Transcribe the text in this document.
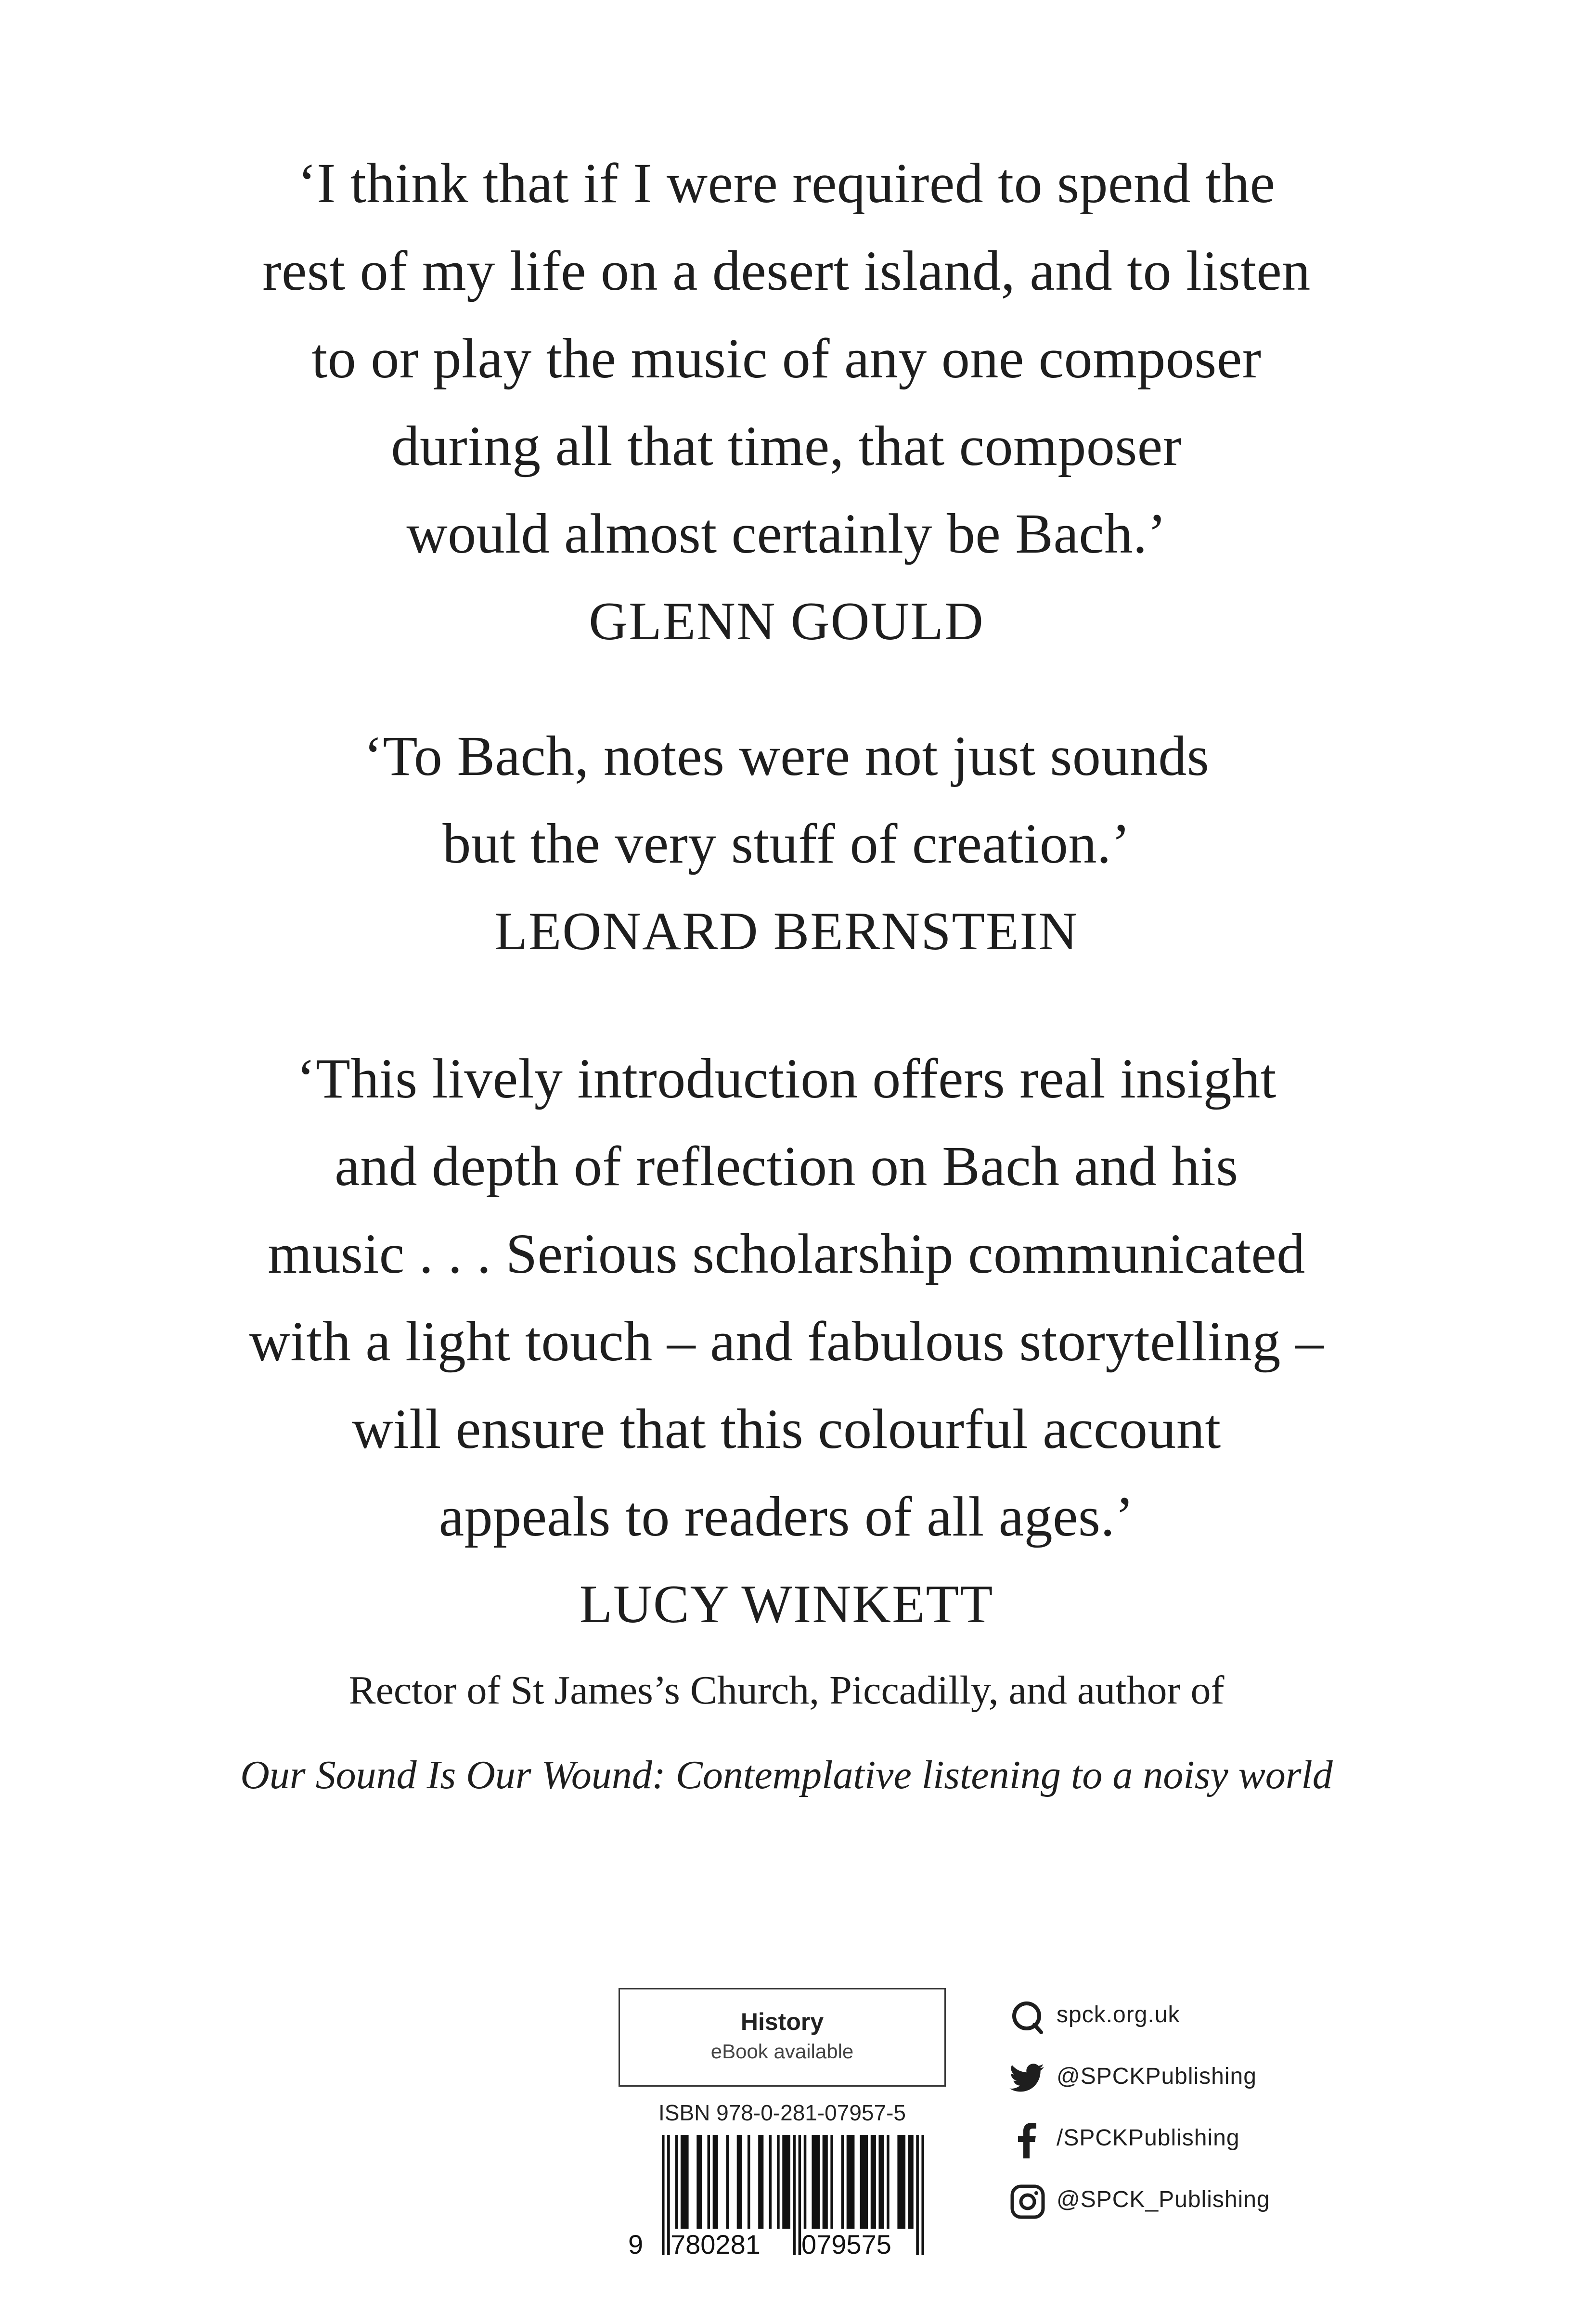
‘I think that if I were required to spend the
rest of my life on a desert island, and to listen
to or play the music of any one composer
during all that time, that composer
would almost certainly be Bach.’
GLENN GOULD
‘To Bach, notes were not just sounds
but the very stuff of creation.’
LEONARD BERNSTEIN
‘This lively introduction offers real insight
and depth of reflection on Bach and his
music . . . Serious scholarship communicated
with a light touch – and fabulous storytelling –
will ensure that this colourful account
appeals to readers of all ages.’
LUCY WINKETT
Rector of St James’s Church, Piccadilly, and author of
Our Sound Is Our Wound: Contemplative listening to a noisy world
History
eBook available
ISBN 978-0-281-07957-5
9 780281 079575
spck.org.uk
@SPCKPublishing
/SPCKPublishing
@SPCK_Publishing
